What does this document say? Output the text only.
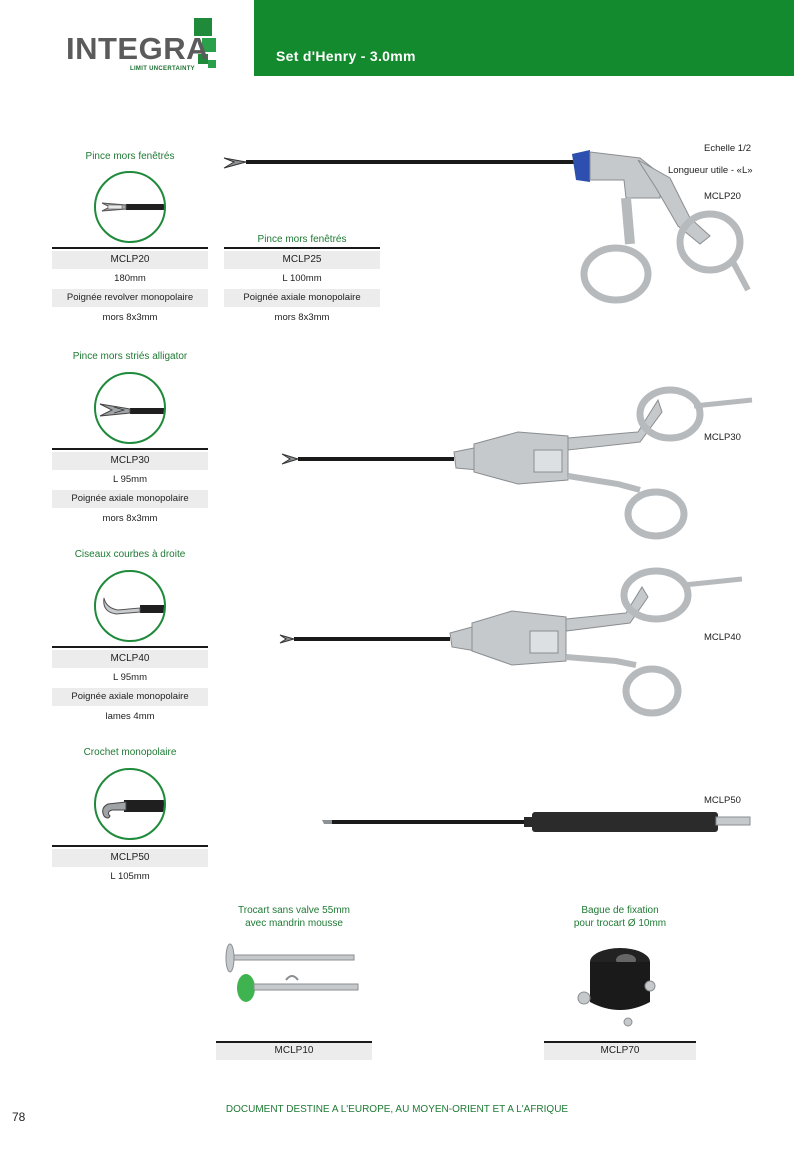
INTEGRA
LIMIT UNCERTAINTY
Set d'Henry - 3.0mm
Pince mors fenêtrés
MCLP20
180mm
Poignée revolver monopolaire
mors 8x3mm
Pince mors fenêtrés
MCLP25
L 100mm
Poignée axiale monopolaire
mors 8x3mm
Pince mors striés alligator
MCLP30
L 95mm
Poignée axiale monopolaire
mors 8x3mm
Ciseaux courbes à droite
MCLP40
L 95mm
Poignée axiale monopolaire
lames 4mm
Crochet monopolaire
MCLP50
L 105mm
Echelle 1/2
Longueur utile - «L»
MCLP20
MCLP30
MCLP40
MCLP50
Trocart sans valve 55mm
avec mandrin mousse
MCLP10
Bague de fixation
pour trocart Ø 10mm
MCLP70
DOCUMENT DESTINE A L'EUROPE, AU MOYEN-ORIENT ET A L'AFRIQUE
78
